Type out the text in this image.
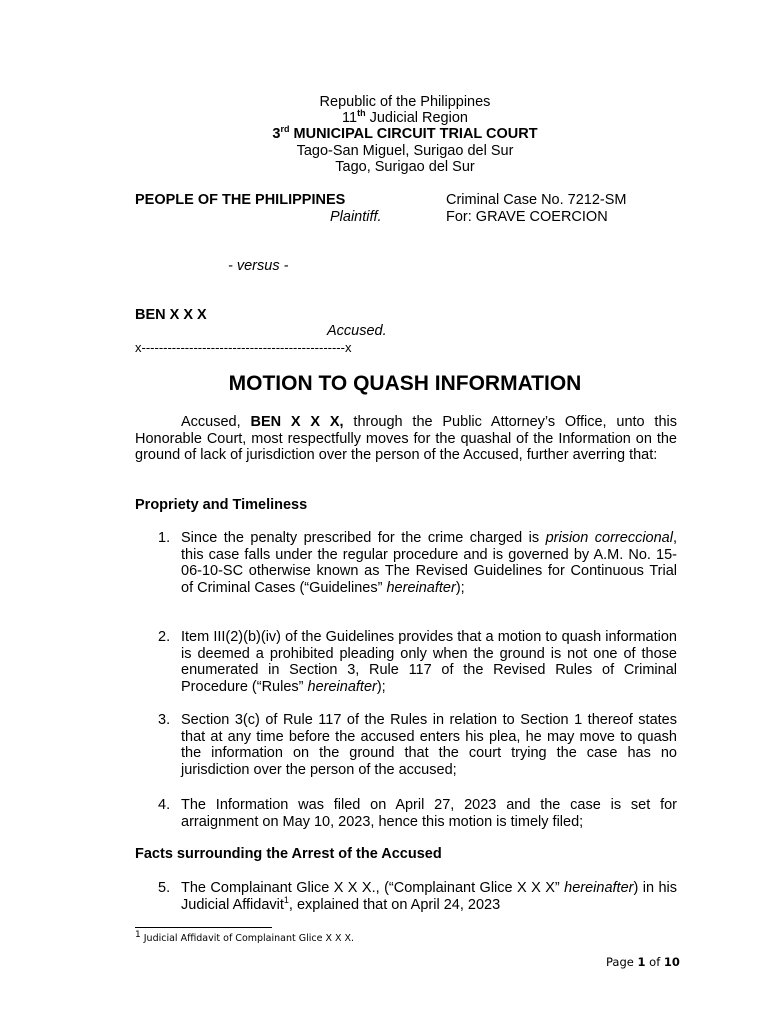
Republic of the Philippines
11th Judicial Region
3rd MUNICIPAL CIRCUIT TRIAL COURT
Tago-San Miguel, Surigao del Sur
Tago, Surigao del Sur
PEOPLE OF THE PHILIPPINES
Plaintiff.
Criminal Case No. 7212-SM
For: GRAVE COERCION
- versus -
BEN X X X
Accused.
x-----------------------------------------------x
MOTION TO QUASH INFORMATION
Accused, BEN X X X, through the Public Attorney’s Office, unto this Honorable Court, most respectfully moves for the quashal of the Information on the ground of lack of jurisdiction over the person of the Accused, further averring that:
Propriety and Timeliness
1. Since the penalty prescribed for the crime charged is prision correccional, this case falls under the regular procedure and is governed by A.M. No. 15-06-10-SC otherwise known as The Revised Guidelines for Continuous Trial of Criminal Cases (“Guidelines” hereinafter);
2. Item III(2)(b)(iv) of the Guidelines provides that a motion to quash information is deemed a prohibited pleading only when the ground is not one of those enumerated in Section 3, Rule 117 of the Revised Rules of Criminal Procedure (“Rules” hereinafter);
3. Section 3(c) of Rule 117 of the Rules in relation to Section 1 thereof states that at any time before the accused enters his plea, he may move to quash the information on the ground that the court trying the case has no jurisdiction over the person of the accused;
4. The Information was filed on April 27, 2023 and the case is set for arraignment on May 10, 2023, hence this motion is timely filed;
Facts surrounding the Arrest of the Accused
5. The Complainant Glice X X X., (“Complainant Glice X X X” hereinafter) in his Judicial Affidavit$^1$, explained that on April 24, 2023
$^1$ Judicial Affidavit of Complainant Glice X X X.
Page 1 of 10
